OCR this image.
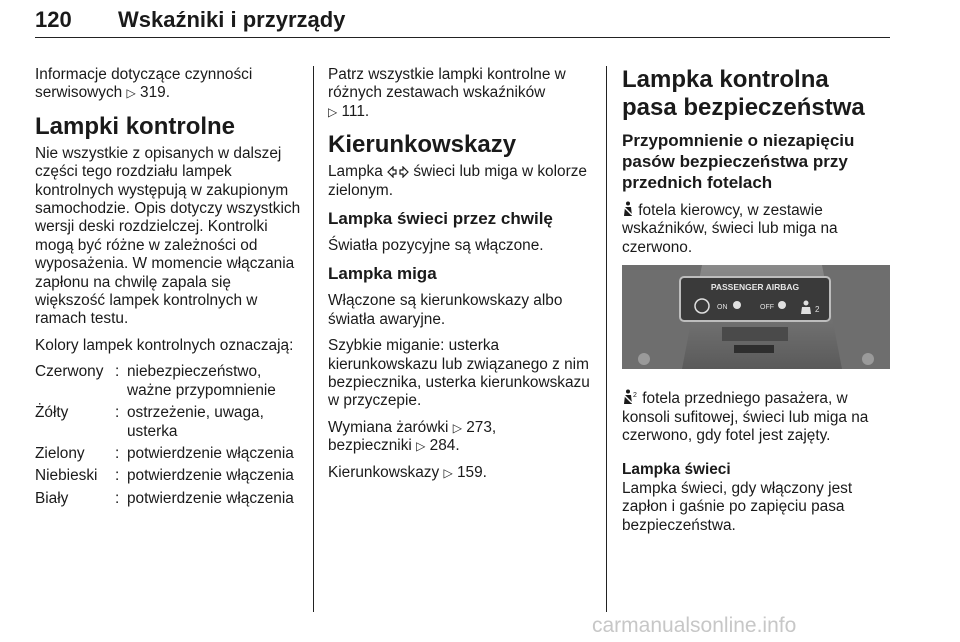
120 Wskaźniki i przyrządy

Informacje dotyczące czynności serwisowych ▷ 319.

Lampki kontrolne

Nie wszystkie z opisanych w dalszej części tego rozdziału lampek kontrolnych występują w zakupionym samochodzie. Opis dotyczy wszystkich wersji deski rozdzielczej. Kontrolki mogą być różne w zależności od wyposażenia. W momencie włączania zapłonu na chwilę zapala się większość lampek kontrolnych w ramach testu.

Kolory lampek kontrolnych oznaczają:

Czerwony	:	niebezpieczeństwo, ważne przypomnienie
Żółty	:	ostrzeżenie, uwaga, usterka
Zielony	:	potwierdzenie włączenia
Niebieski	:	potwierdzenie włączenia
Biały	:	potwierdzenie włączenia

Patrz wszystkie lampki kontrolne w różnych zestawach wskaźników
▷ 111.

Kierunkowskazy

Lampka świeci lub miga w kolorze zielonym.

Lampka świeci przez chwilę

Światła pozycyjne są włączone.

Lampka miga

Włączone są kierunkowskazy albo światła awaryjne.

Szybkie miganie: usterka kierunkowskazu lub związanego z nim bezpiecznika, usterka kierunkowskazu w przyczepie.

Wymiana żarówki ▷ 273,
bezpieczniki ▷ 284.

Kierunkowskazy ▷ 159.

Lampka kontrolna pasa bezpieczeństwa

Przypomnienie o niezapięciu pasów bezpieczeństwa przy przednich fotelach

fotela kierowcy, w zestawie wskaźników, świeci lub miga na czerwono.

PASSENGER AIRBAG
ON	OFF	2

2 fotela przedniego pasażera, w konsoli sufitowej, świeci lub miga na czerwono, gdy fotel jest zajęty.

Lampka świeci

Lampka świeci, gdy włączony jest zapłon i gaśnie po zapięciu pasa bezpieczeństwa.

carmanualsonline.info
